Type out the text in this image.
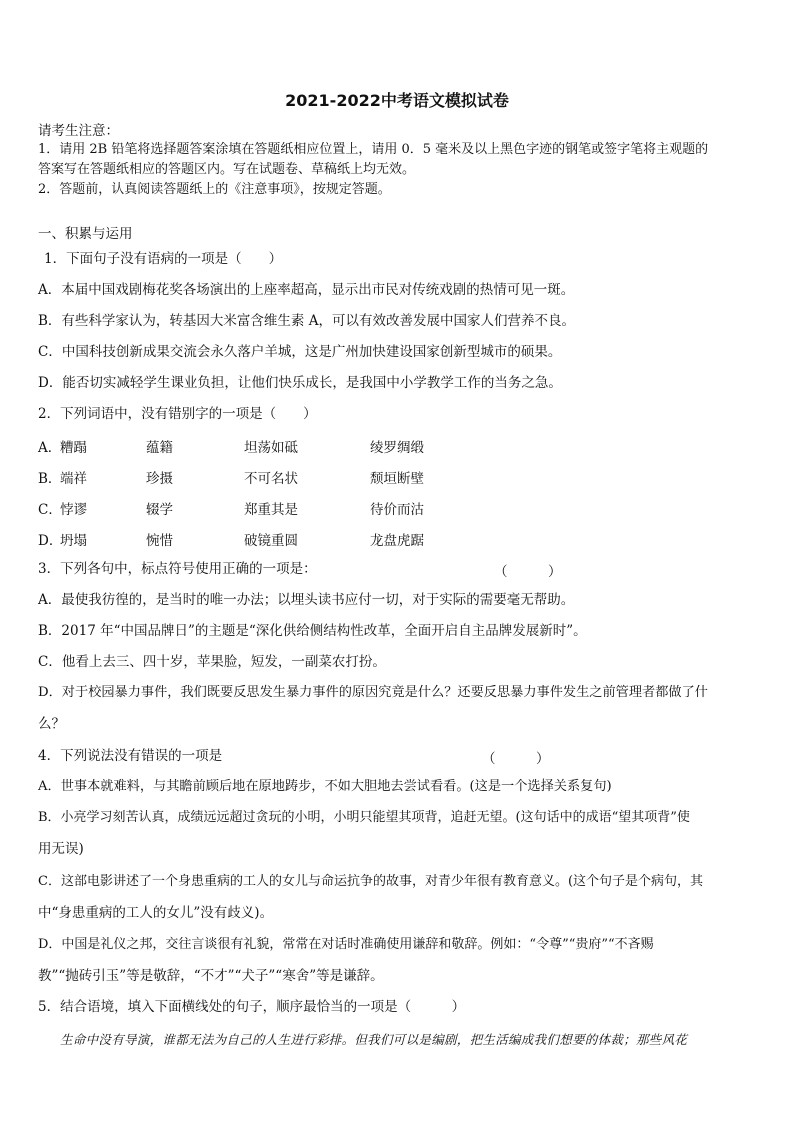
2021-2022中考语文模拟试卷
请考生注意：
1．请用 2B 铅笔将选择题答案涂填在答题纸相应位置上，请用 0．5 毫米及以上黑色字迹的钢笔或签字笔将主观题的
答案写在答题纸相应的答题区内。写在试题卷、草稿纸上均无效。
2．答题前，认真阅读答题纸上的《注意事项》，按规定答题。
一、积累与运用
1．下面句子没有语病的一项是（　　）
A．本届中国戏剧梅花奖各场演出的上座率超高，显示出市民对传统戏剧的热情可见一斑。
B．有些科学家认为，转基因大米富含维生素 A，可以有效改善发展中国家人们营养不良。
C．中国科技创新成果交流会永久落户羊城，这是广州加快建设国家创新型城市的硕果。
D．能否切实减轻学生课业负担，让他们快乐成长，是我国中小学教学工作的当务之急。
2．下列词语中，没有错别字的一项是（　　）
A．
糟蹋	蕴籍	坦荡如砥	绫罗绸缎
B．
端祥	珍摄	不可名状	颓垣断壁
C．
悖谬	辍学	郑重其是	待价而沽
D．
坍塌	惋惜	破镜重圆	龙盘虎踞
3．下列各句中，标点符号使用正确的一项是：	（　　　）
A．最使我彷徨的，是当时的唯一办法；以埋头读书应付一切，对于实际的需要毫无帮助。
B．2017 年“中国品牌日”的主题是“深化供给侧结构性改革，全面开启自主品牌发展新时”。
C．他看上去三、四十岁，苹果脸，短发，一副菜农打扮。
D．对于校园暴力事件，我们既要反思发生暴力事件的原因究竟是什么？还要反思暴力事件发生之前管理者都做了什
么？
4．下列说法没有错误的一项是	（　　　）
A．世事本就难料，与其瞻前顾后地在原地踌步，不如大胆地去尝试看看。(这是一个选择关系复句)
B．小亮学习刻苦认真，成绩远远超过贪玩的小明，小明只能望其项背，追赶无望。(这句话中的成语“望其项背”使
用无误)
C．这部电影讲述了一个身患重病的工人的女儿与命运抗争的故事，对青少年很有教育意义。(这个句子是个病句，其
中“身患重病的工人的女儿”没有歧义)。
D．中国是礼仪之邦，交往言谈很有礼貌，常常在对话时准确使用谦辞和敬辞。例如：“令尊”“贵府”“不吝赐
教”“抛砖引玉”等是敬辞，“不才”“犬子”“寒舍”等是谦辞。
5．结合语境，填入下面横线处的句子，顺序最恰当的一项是（　　　）
生命中没有导演，谁都无法为自己的人生进行彩排。但我们可以是编剧，把生活编成我们想要的体裁；那些风花
